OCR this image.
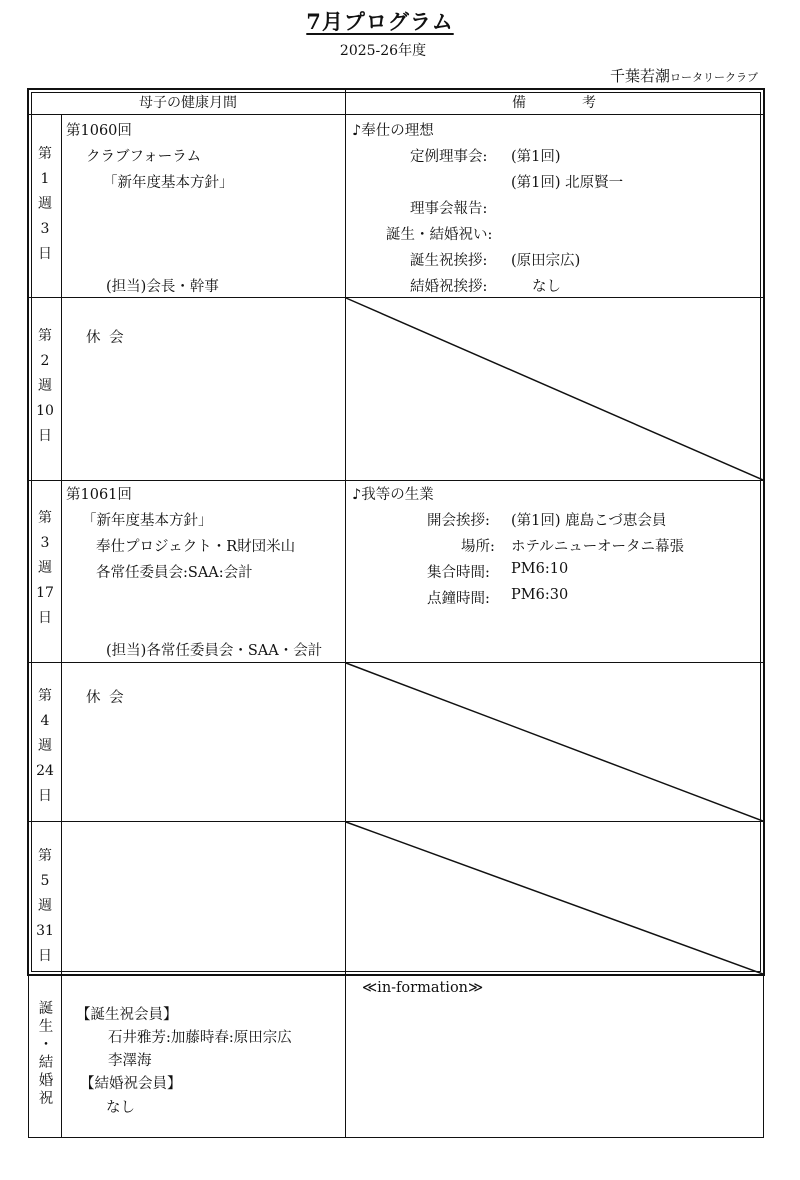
7月プログラム
2025-26年度
千葉若潮ロータリークラブ
母子の健康月間	備　　　　考
第
1
週
3
日
第1060回
クラブフォーラム
「新年度基本方針」
(担当)会長・幹事
♪奉仕の理想
定例理事会: (第1回)
(第1回) 北原賢一
理事会報告:
誕生・結婚祝い:
誕生祝挨拶: (原田宗広)
結婚祝挨拶:	なし
第
2
週
10
日
休 会
第
3
週
17
日
第1061回
「新年度基本方針」
奉仕プロジェクト・R財団米山
各常任委員会:SAA:会計
(担当)各常任委員会・SAA・会計
♪我等の生業
開会挨拶: (第1回) 鹿島こづ恵会員
場所: ホテルニューオータニ幕張
集合時間: PM6:10
点鐘時間: PM6:30
第
4
週
24
日
休 会
第
5
週
31
日
誕
生
・
結
婚
祝
【誕生祝会員】
石井雅芳:加藤時春:原田宗広
李澤海
【結婚祝会員】
なし
≪in-formation≫
